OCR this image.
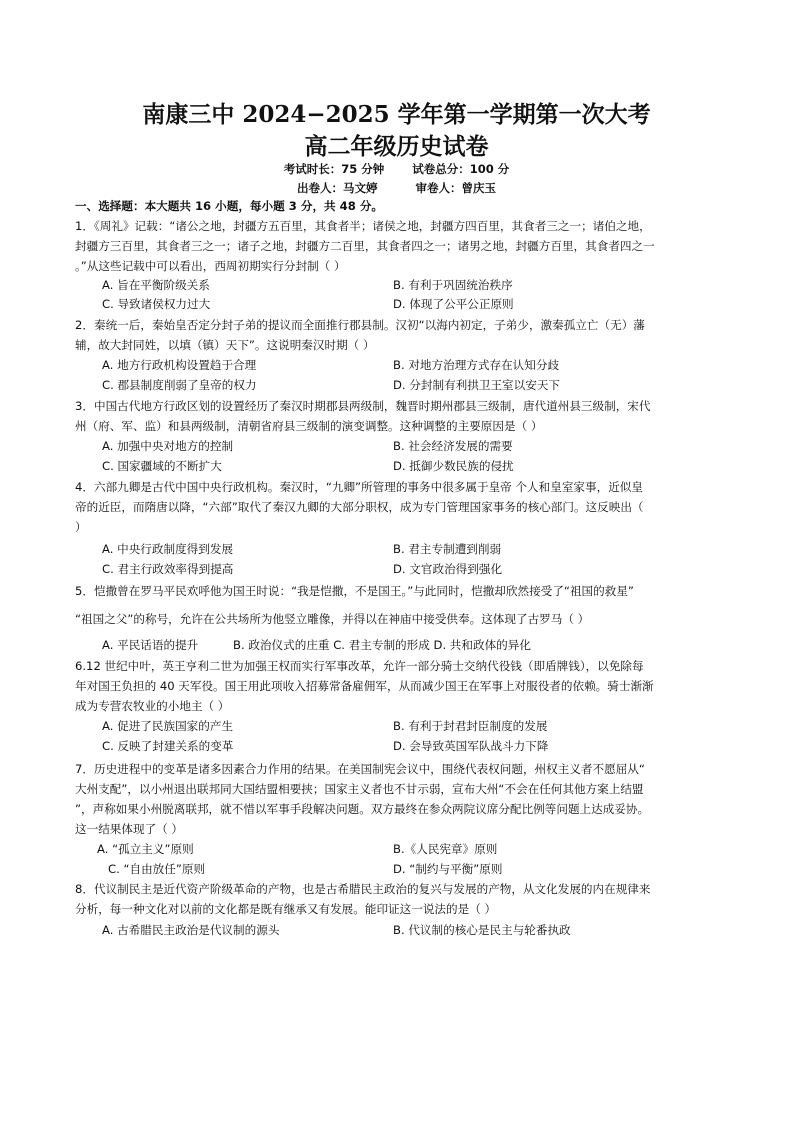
南康三中 2024−2025 学年第一学期第一次大考
高二年级历史试卷
考试时长：75 分钟 试卷总分：100 分
出卷人：马文婷	审卷人：曾庆玉
一、选择题：本大题共 16 小题，每小题 3 分，共 48 分。
1．《周礼》记载：“诸公之地，封疆方五百里，其食者半；诸侯之地，封疆方四百里，其食者三之一；诸伯之地，
封疆方三百里，其食者三之一；诸子之地，封疆方二百里，其食者四之一；诸男之地，封疆方百里，其食者四之一
。”从这些记载中可以看出，西周初期实行分封制（ ）
A. 旨在平衡阶级关系	B. 有利于巩固统治秩序
C. 导致诸侯权力过大	D. 体现了公平公正原则
2．秦统一后，秦始皇否定分封子弟的提议而全面推行郡县制。汉初“以海内初定，子弟少，激秦孤立亡（无）藩
辅，故大封同姓，以填（镇）天下”。这说明秦汉时期（ ）
A. 地方行政机构设置趋于合理	B. 对地方治理方式存在认知分歧
C. 郡县制度削弱了皇帝的权力	D. 分封制有利拱卫王室以安天下
3．中国古代地方行政区划的设置经历了秦汉时期郡县两级制，魏晋时期州郡县三级制，唐代道州县三级制，宋代
州（府、军、监）和县两级制，清朝省府县三级制的演变调整。这种调整的主要原因是（ ）
A. 加强中央对地方的控制	B. 社会经济发展的需要
C. 国家疆域的不断扩大	D. 抵御少数民族的侵扰
4．六部九卿是古代中国中央行政机构。秦汉时，“九卿”所管理的事务中很多属于皇帝 个人和皇室家事，近似皇
帝的近臣，而隋唐以降，“六部”取代了秦汉九卿的大部分职权，成为专门管理国家事务的核心部门。这反映出（
）
A. 中央行政制度得到发展	B. 君主专制遭到削弱
C. 君主行政效率得到提高	D. 文官政治得到强化
5．恺撒曾在罗马平民欢呼他为国王时说：“我是恺撒，不是国王。”与此同时，恺撒却欣然接受了“祖国的救星”
“祖国之父”的称号，允许在公共场所为他竖立雕像，并得以在神庙中接受供奉。这体现了古罗马（ ）
A. 平民话语的提升　　　B. 政治仪式的庄重 C. 君主专制的形成 D. 共和政体的异化
6.12 世纪中叶，英王亨利二世为加强王权而实行军事改革，允许一部分骑士交纳代役钱（即盾牌钱），以免除每
年对国王负担的 40 天军役。国王用此项收入招募常备雇佣军，从而减少国王在军事上对服役者的依赖。骑士渐渐
成为专营农牧业的小地主（ ）
A. 促进了民族国家的产生	B. 有利于封君封臣制度的发展
C. 反映了封建关系的变革	D. 会导致英国军队战斗力下降
7．历史进程中的变革是诸多因素合力作用的结果。在美国制宪会议中，围绕代表权问题，州权主义者不愿屈从“
大州支配”，以小州退出联邦同大国结盟相要挟；国家主义者也不甘示弱，宣布大州“不会在任何其他方案上结盟
”，声称如果小州脱离联邦，就不惜以军事手段解决问题。双方最终在参众两院议席分配比例等问题上达成妥协。
这一结果体现了（ ）
A. “孤立主义”原则	B.《人民宪章》原则
C. “自由放任”原则	D. “制约与平衡”原则
8．代议制民主是近代资产阶级革命的产物，也是古希腊民主政治的复兴与发展的产物，从文化发展的内在规律来
分析，每一种文化对以前的文化都是既有继承又有发展。能印证这一说法的是（ ）
A. 古希腊民主政治是代议制的源头	B. 代议制的核心是民主与轮番执政
